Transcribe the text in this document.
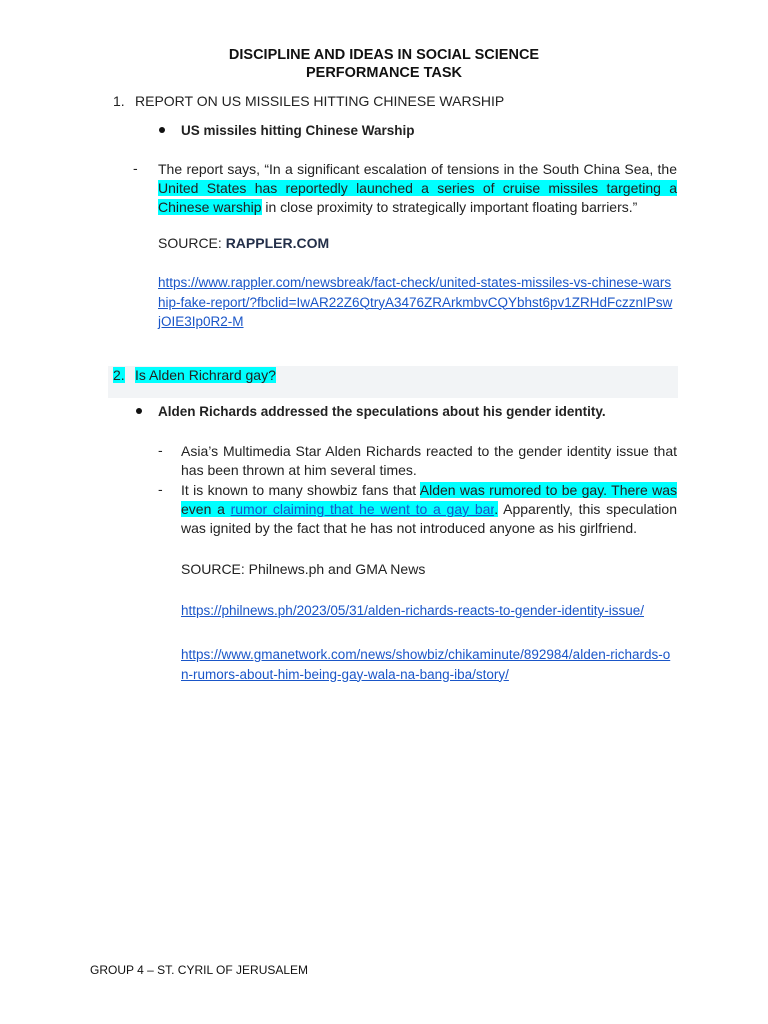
DISCIPLINE AND IDEAS IN SOCIAL SCIENCE
PERFORMANCE TASK
1. REPORT ON US MISSILES HITTING CHINESE WARSHIP
US missiles hitting Chinese Warship
- The report says, “In a significant escalation of tensions in the South China Sea, the United States has reportedly launched a series of cruise missiles targeting a Chinese warship in close proximity to strategically important floating barriers.”

SOURCE: RAPPLER.COM
https://www.rappler.com/newsbreak/fact-check/united-states-missiles-vs-chinese-warship-fake-report/?fbclid=IwAR22Z6QtryA3476ZRArkmbvCQYbhst6pv1ZRHdFczznIPswjOIE3Ip0R2-M
2. Is Alden Richrard gay?
Alden Richards addressed the speculations about his gender identity.
- Asia’s Multimedia Star Alden Richards reacted to the gender identity issue that has been thrown at him several times.

- It is known to many showbiz fans that Alden was rumored to be gay. There was even a rumor claiming that he went to a gay bar. Apparently, this speculation was ignited by the fact that he has not introduced anyone as his girlfriend.

SOURCE: Philnews.ph and GMA News
https://philnews.ph/2023/05/31/alden-richards-reacts-to-gender-identity-issue/
https://www.gmanetwork.com/news/showbiz/chikaminute/892984/alden-richards-on-rumors-about-him-being-gay-wala-na-bang-iba/story/
GROUP 4 – ST. CYRIL OF JERUSALEM
